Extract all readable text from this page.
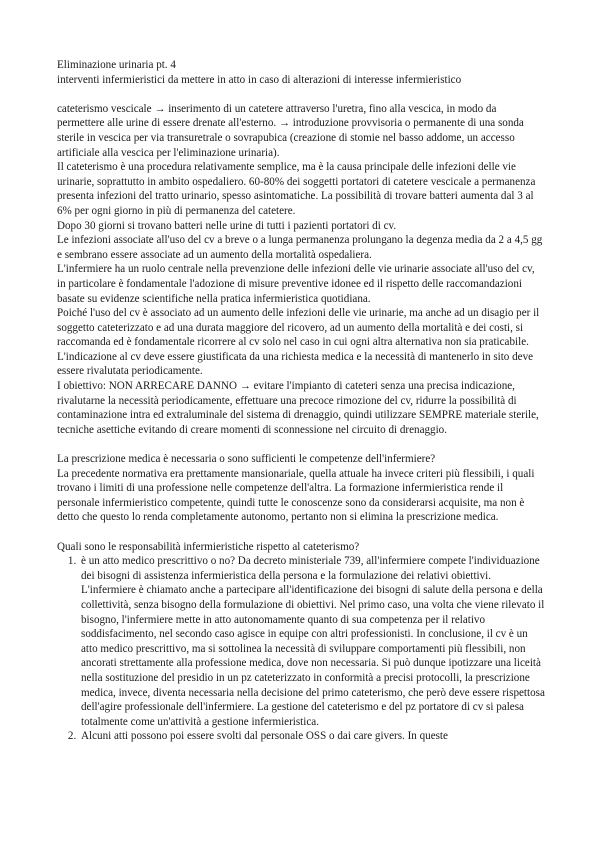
Eliminazione urinaria pt. 4

interventi infermieristici da mettere in atto in caso di alterazioni di interesse infermieristico

cateterismo vescicale → inserimento di un catetere attraverso l'uretra, fino alla vescica, in modo da permettere alle urine di essere drenate all'esterno. → introduzione provvisoria o permanente di una sonda sterile in vescica per via transuretrale o sovrapubica (creazione di stomie nel basso addome, un accesso artificiale alla vescica per l'eliminazione urinaria).

Il cateterismo è una procedura relativamente semplice, ma è la causa principale delle infezioni delle vie urinarie, soprattutto in ambito ospedaliero. 60-80% dei soggetti portatori di catetere vescicale a permanenza presenta infezioni del tratto urinario, spesso asintomatiche. La possibilità di trovare batteri aumenta dal 3 al 6% per ogni giorno in più di permanenza del catetere.

Dopo 30 giorni si trovano batteri nelle urine di tutti i pazienti portatori di cv.

Le infezioni associate all'uso del cv a breve o a lunga permanenza prolungano la degenza media da 2 a 4,5 gg e sembrano essere associate ad un aumento della mortalità ospedaliera.

L'infermiere ha un ruolo centrale nella prevenzione delle infezioni delle vie urinarie associate all'uso del cv, in particolare è fondamentale l'adozione di misure preventive idonee ed il rispetto delle raccomandazioni basate su evidenze scientifiche nella pratica infermieristica quotidiana.

Poiché l'uso del cv è associato ad un aumento delle infezioni delle vie urinarie, ma anche ad un disagio per il soggetto cateterizzato e ad una durata maggiore del ricovero, ad un aumento della mortalità e dei costi, si raccomanda ed è fondamentale ricorrere al cv solo nel caso in cui ogni altra alternativa non sia praticabile.

L'indicazione al cv deve essere giustificata da una richiesta medica e la necessità di mantenerlo in sito deve essere rivalutata periodicamente.

I obiettivo: NON ARRECARE DANNO → evitare l'impianto di cateteri senza una precisa indicazione, rivalutarne la necessità periodicamente, effettuare una precoce rimozione del cv, ridurre la possibilità di contaminazione intra ed extraluminale del sistema di drenaggio, quindi utilizzare SEMPRE materiale sterile, tecniche asettiche evitando di creare momenti di sconnessione nel circuito di drenaggio.

La prescrizione medica è necessaria o sono sufficienti le competenze dell'infermiere?

La precedente normativa era prettamente mansionariale, quella attuale ha invece criteri più flessibili, i quali trovano i limiti di una professione nelle competenze dell'altra. La formazione infermieristica rende il personale infermieristico competente, quindi tutte le conoscenze sono da considerarsi acquisite, ma non è detto che questo lo renda completamente autonomo, pertanto non si elimina la prescrizione medica.

Quali sono le responsabilità infermieristiche rispetto al cateterismo?

1. è un atto medico prescrittivo o no? Da decreto ministeriale 739, all'infermiere compete l'individuazione dei bisogni di assistenza infermieristica della persona e la formulazione dei relativi obiettivi. L'infermiere è chiamato anche a partecipare all'identificazione dei bisogni di salute della persona e della collettività, senza bisogno della formulazione di obiettivi. Nel primo caso, una volta che viene rilevato il bisogno, l'infermiere mette in atto autonomamente quanto di sua competenza per il relativo soddisfacimento, nel secondo caso agisce in equipe con altri professionisti. In conclusione, il cv è un atto medico prescrittivo, ma si sottolinea la necessità di sviluppare comportamenti più flessibili, non ancorati strettamente alla professione medica, dove non necessaria. Si può dunque ipotizzare una liceità nella sostituzione del presidio in un pz cateterizzato in conformità a precisi protocolli, la prescrizione medica, invece, diventa necessaria nella decisione del primo cateterismo, che però deve essere rispettosa dell'agire professionale dell'infermiere. La gestione del cateterismo e del pz portatore di cv si palesa totalmente come un'attività a gestione infermieristica.
2. Alcuni atti possono poi essere svolti dal personale OSS o dai care givers. In queste
